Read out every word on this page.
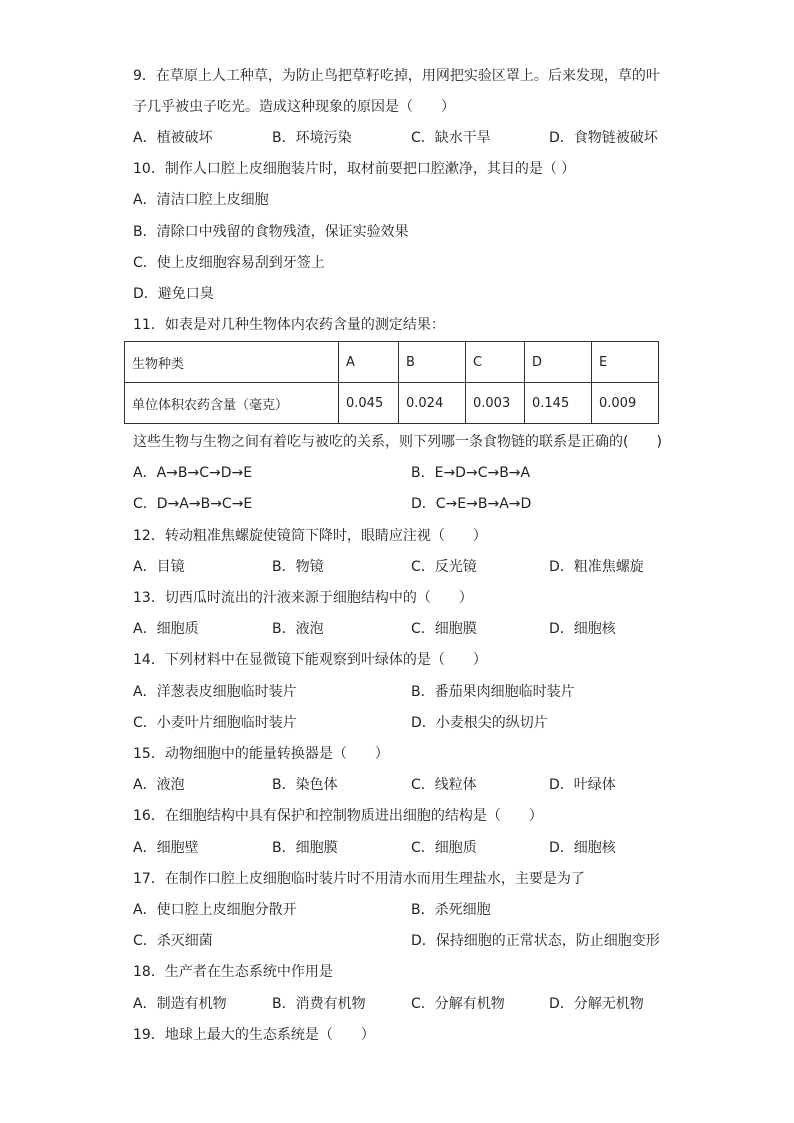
9．在草原上人工种草，为防止鸟把草籽吃掉，用网把实验区罩上。后来发现，草的叶
子几乎被虫子吃光。造成这种现象的原因是（　　）
A．植被破坏	B．环境污染	C．缺水干旱	D．食物链被破坏
10．制作人口腔上皮细胞装片时，取材前要把口腔漱净，其目的是（ ）
A．清洁口腔上皮细胞
B．清除口中残留的食物残渣，保证实验效果
C．使上皮细胞容易刮到牙签上
D．避免口臭
11．如表是对几种生物体内农药含量的测定结果：
生物种类	A	B	C	D	E
单位体积农药含量（毫克）	0.045	0.024	0.003	0.145	0.009
这些生物与生物之间有着吃与被吃的关系，则下列哪一条食物链的联系是正确的(　　)
A．A→B→C→D→E	B．E→D→C→B→A
C．D→A→B→C→E	D．C→E→B→A→D
12．转动粗准焦螺旋使镜筒下降时，眼睛应注视（　　）
A．目镜	B．物镜	C．反光镜	D．粗准焦螺旋
13．切西瓜时流出的汁液来源于细胞结构中的（　　）
A．细胞质	B．液泡	C．细胞膜	D．细胞核
14．下列材料中在显微镜下能观察到叶绿体的是（　　）
A．洋葱表皮细胞临时装片	B．番茄果肉细胞临时装片
C．小麦叶片细胞临时装片	D．小麦根尖的纵切片
15．动物细胞中的能量转换器是（　　）
A．液泡	B．染色体	C．线粒体	D．叶绿体
16．在细胞结构中具有保护和控制物质进出细胞的结构是（　　）
A．细胞壁	B．细胞膜	C．细胞质	D．细胞核
17．在制作口腔上皮细胞临时装片时不用清水而用生理盐水，主要是为了
A．使口腔上皮细胞分散开	B．杀死细胞
C．杀灭细菌	D．保持细胞的正常状态，防止细胞变形
18．生产者在生态系统中作用是
A．制造有机物	B．消费有机物	C．分解有机物	D．分解无机物
19．地球上最大的生态系统是（　　）
